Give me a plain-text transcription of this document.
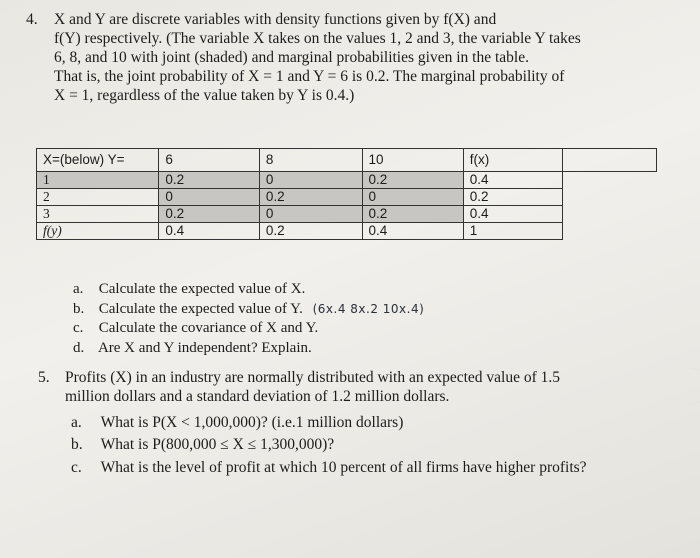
4. X and Y are discrete variables with density functions given by f(X) and
f(Y) respectively. (The variable X takes on the values 1, 2 and 3, the variable Y takes
6, 8, and 10 with joint (shaded) and marginal probabilities given in the table.
That is, the joint probability of X = 1 and Y = 6 is 0.2. The marginal probability of
X = 1, regardless of the value taken by Y is 0.4.)
X=(below) Y=	6	8	10	f(x)	
1	0.2	0	0.2	0.4	
2	0	0.2	0	0.2	
3	0.2	0	0.2	0.4	
f(y)	0.4	0.2	0.4	1	
a. Calculate the expected value of X.
b. Calculate the expected value of Y. (6x.4 8x.2 10x.4)
c. Calculate the covariance of X and Y.
d. Are X and Y independent? Explain.
5. Profits (X) in an industry are normally distributed with an expected value of 1.5
million dollars and a standard deviation of 1.2 million dollars.
a. What is P(X < 1,000,000)? (i.e.1 million dollars)
b. What is P(800,000 ≤ X ≤ 1,300,000)?
c. What is the level of profit at which 10 percent of all firms have higher profits?
